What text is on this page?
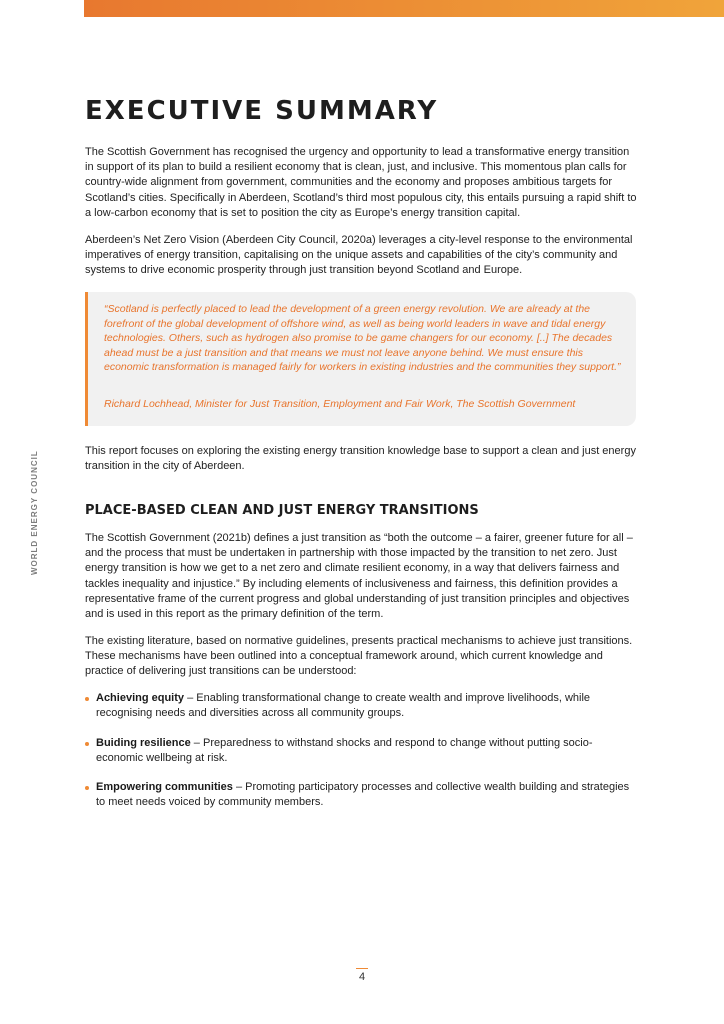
WORLD ENERGY COUNCIL
EXECUTIVE SUMMARY

The Scottish Government has recognised the urgency and opportunity to lead a transformative energy transition in support of its plan to build a resilient economy that is clean, just, and inclusive. This momentous plan calls for country-wide alignment from government, communities and the economy and proposes ambitious targets for Scotland’s cities. Specifically in Aberdeen, Scotland’s third most populous city, this entails pursuing a rapid shift to a low-carbon economy that is set to position the city as Europe’s energy transition capital.

Aberdeen’s Net Zero Vision (Aberdeen City Council, 2020a) leverages a city-level response to the environmental imperatives of energy transition, capitalising on the unique assets and capabilities of the city’s community and systems to drive economic prosperity through just transition beyond Scotland and Europe.

“Scotland is perfectly placed to lead the development of a green energy revolution. We are already at the forefront of the global development of offshore wind, as well as being world leaders in wave and tidal energy technologies. Others, such as hydrogen also promise to be game changers for our economy. [..] The decades ahead must be a just transition and that means we must not leave anyone behind. We must ensure this economic transformation is managed fairly for workers in existing industries and the communities they support.”

Richard Lochhead, Minister for Just Transition, Employment and Fair Work, The Scottish Government

This report focuses on exploring the existing energy transition knowledge base to support a clean and just energy transition in the city of Aberdeen.

PLACE-BASED CLEAN AND JUST ENERGY TRANSITIONS

The Scottish Government (2021b) defines a just transition as “both the outcome – a fairer, greener future for all – and the process that must be undertaken in partnership with those impacted by the transition to net zero. Just energy transition is how we get to a net zero and climate resilient economy, in a way that delivers fairness and tackles inequality and injustice.” By including elements of inclusiveness and fairness, this definition provides a representative frame of the current progress and global understanding of just transition principles and objectives and is used in this report as the primary definition of the term.

The existing literature, based on normative guidelines, presents practical mechanisms to achieve just transitions. These mechanisms have been outlined into a conceptual framework around, which current knowledge and practice of delivering just transitions can be understood:

Achieving equity – Enabling transformational change to create wealth and improve livelihoods, while recognising needs and diversities across all community groups.
Buiding resilience – Preparedness to withstand shocks and respond to change without putting socio-economic wellbeing at risk.
Empowering communities – Promoting participatory processes and collective wealth building and strategies to meet needs voiced by community members.
4
